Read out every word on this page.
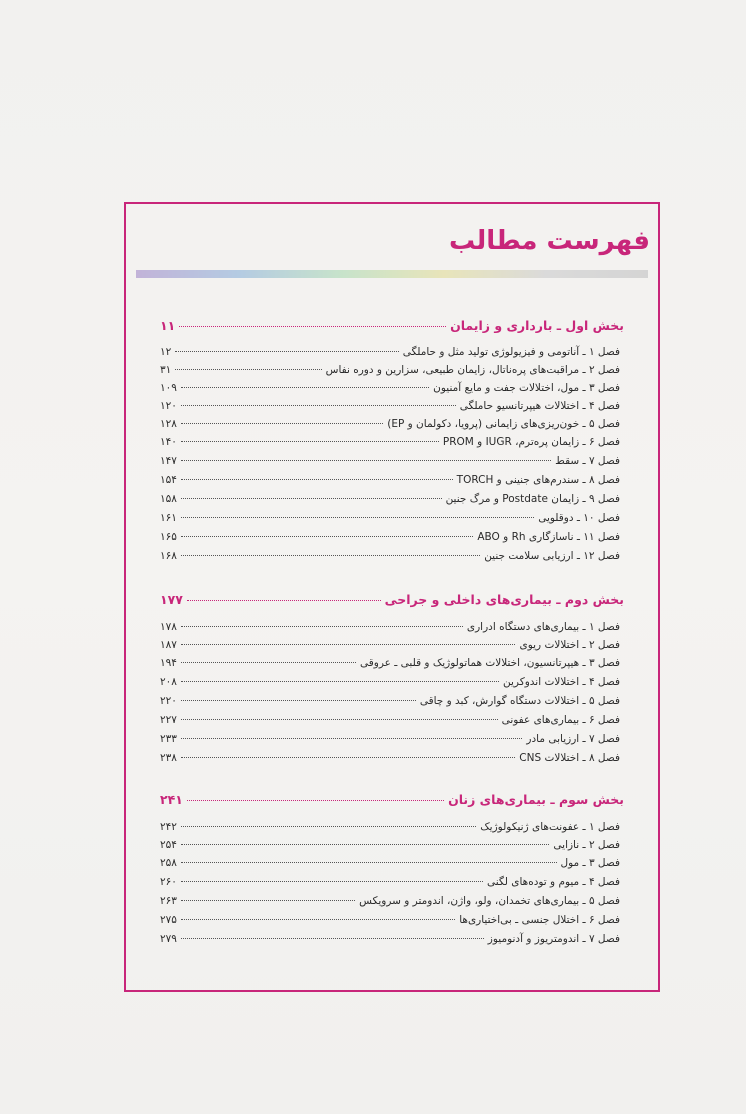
فهرست مطالب
بخش اول ـ بارداری و زایمان
۱۱
فصل ۱ ـ آناتومی و فیزیولوژی تولید مثل و حاملگی
۱۲
فصل ۲ ـ مراقبت‌های پره‌ناتال، زایمان طبیعی، سزارین و دوره نفاس
۳۱
فصل ۳ ـ مول، اختلالات جفت و مایع آمنیون
۱۰۹
فصل ۴ ـ اختلالات هیپرتانسیو حاملگی
۱۲۰
فصل ۵ ـ خون‌ریزی‌های زایمانی (پرویا، دکولمان و EP)
۱۲۸
فصل ۶ ـ زایمان پره‌ترم، IUGR و PROM
۱۴۰
فصل ۷ ـ سقط
۱۴۷
فصل ۸ ـ سندرم‌های جنینی و TORCH
۱۵۴
فصل ۹ ـ زایمان Postdate و مرگ جنین
۱۵۸
فصل ۱۰ ـ دوقلویی
۱۶۱
فصل ۱۱ ـ ناسازگاری Rh و ABO
۱۶۵
فصل ۱۲ ـ ارزیابی سلامت جنین
۱۶۸
بخش دوم ـ بیماری‌های داخلی و جراحی
۱۷۷
فصل ۱ ـ بیماری‌های دستگاه ادراری
۱۷۸
فصل ۲ ـ اختلالات ریوی
۱۸۷
فصل ۳ ـ هیپرتانسیون، اختلالات هماتولوژیک و قلبی ـ عروقی
۱۹۴
فصل ۴ ـ اختلالات اندوکرین
۲۰۸
فصل ۵ ـ اختلالات دستگاه گوارش، کبد و چاقی
۲۲۰
فصل ۶ ـ بیماری‌های عفونی
۲۲۷
فصل ۷ ـ ارزیابی مادر
۲۳۳
فصل ۸ ـ اختلالات CNS
۲۳۸
بخش سوم ـ بیماری‌های زنان
۲۴۱
فصل ۱ ـ عفونت‌های ژنیکولوژیک
۲۴۲
فصل ۲ ـ نازایی
۲۵۴
فصل ۳ ـ مول
۲۵۸
فصل ۴ ـ میوم و توده‌های لگنی
۲۶۰
فصل ۵ ـ بیماری‌های تخمدان، ولو، واژن، اندومتر و سرویکس
۲۶۳
فصل ۶ ـ اختلال جنسی ـ بی‌اختیاری‌ها
۲۷۵
فصل ۷ ـ اندومتریوز و آدنومیوز
۲۷۹
